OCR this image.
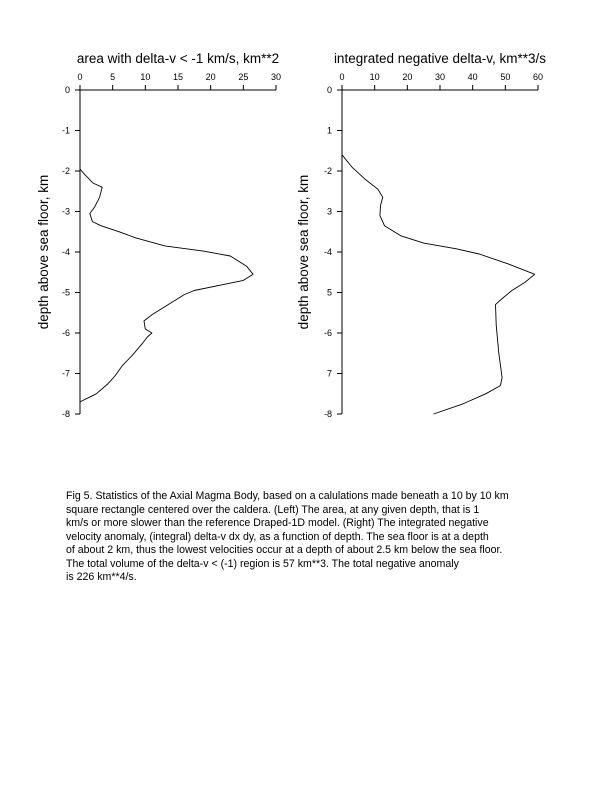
area with delta-v < -1 km/s, km**2
depth above sea floor, km
0	5	10	15	20	25	30
0
-1
-2
-3
-4
-5
-6
-7
-8
integrated negative delta-v, km**3/s
depth above sea floor, km
0	10	20	30	40	50	60
0
1
-2
3
-4
5
-6
7
-8
Fig 5. Statistics of the Axial Magma Body, based on a calulations made beneath a 10 by 10 km
square rectangle centered over the caldera. (Left) The area, at any given depth, that is 1
km/s or more slower than the reference Draped-1D model. (Right) The integrated negative
velocity anomaly, (integral) delta-v dx dy, as a function of depth. The sea floor is at a depth
of about 2 km, thus the lowest velocities occur at a depth of about 2.5 km below the sea floor.
The total volume of the delta-v < (-1) region is 57 km**3. The total negative anomaly
is 226 km**4/s.
